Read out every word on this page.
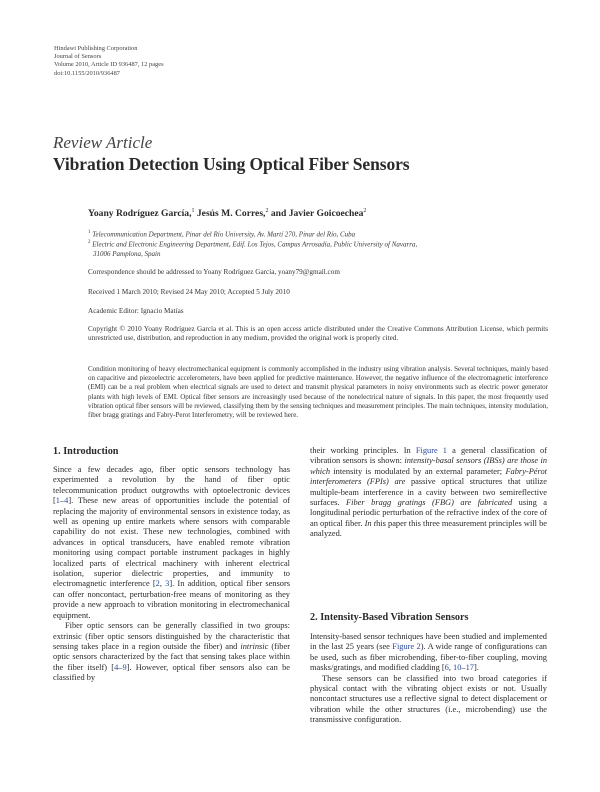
Hindawi Publishing Corporation
Journal of Sensors
Volume 2010, Article ID 936487, 12 pages
doi:10.1155/2010/936487
Review Article
Vibration Detection Using Optical Fiber Sensors
Yoany Rodríguez García,$^1$ Jesús M. Corres,$^2$ and Javier Goicoechea$^2$
$^1$ Telecommunication Department, Pinar del Río University, Av. Martí 270, Pinar del Río, Cuba
$^2$ Electric and Electronic Engineering Department, Edif. Los Tejos, Campus Arrosadía, Public University of Navarra,
31006 Pamplona, Spain
Correspondence should be addressed to Yoany Rodríguez García, yoany79@gmail.com
Received 1 March 2010; Revised 24 May 2010; Accepted 5 July 2010
Academic Editor: Ignacio Matías
Copyright © 2010 Yoany Rodríguez García et al. This is an open access article distributed under the Creative Commons Attribution License, which permits unrestricted use, distribution, and reproduction in any medium, provided the original work is properly cited.
Condition monitoring of heavy electromechanical equipment is commonly accomplished in the industry using vibration analysis. Several techniques, mainly based on capacitive and piezoelectric accelerometers, have been applied for predictive maintenance. However, the negative influence of the electromagnetic interference (EMI) can be a real problem when electrical signals are used to detect and transmit physical parameters in noisy environments such as electric power generator plants with high levels of EMI. Optical fiber sensors are increasingly used because of the nonelectrical nature of signals. In this paper, the most frequently used vibration optical fiber sensors will be reviewed, classifying them by the sensing techniques and measurement principles. The main techniques, intensity modulation, fiber bragg gratings and Fabry-Perot Interferometry, will be reviewed here.
1. Introduction

Since a few decades ago, fiber optic sensors technology has experimented a revolution by the hand of fiber optic telecommunication product outgrowths with optoelectronic devices [1–4]. These new areas of opportunities include the potential of replacing the majority of environmental sensors in existence today, as well as opening up entire markets where sensors with comparable capability do not exist. These new technologies, combined with advances in optical transducers, have enabled remote vibration monitoring using compact portable instrument packages in highly localized parts of electrical machinery with inherent electrical isolation, superior dielectric properties, and immunity to electromagnetic interference [2, 3]. In addition, optical fiber sensors can offer noncontact, perturbation-free means of monitoring as they provide a new approach to vibration monitoring in electromechanical equipment.

Fiber optic sensors can be generally classified in two groups: extrinsic (fiber optic sensors distinguished by the characteristic that sensing takes place in a region outside the fiber) and intrinsic (fiber optic sensors characterized by the fact that sensing takes place within the fiber itself) [4–9]. However, optical fiber sensors also can be classified by

their working principles. In Figure 1 a general classification of vibration sensors is shown: intensity-basal sensors (IBSs) are those in which intensity is modulated by an external parameter; Fabry-Pérot interferometers (FPIs) are passive optical structures that utilize multiple-beam interference in a cavity between two semireflective surfaces. Fiber bragg gratings (FBG) are fabricated using a longitudinal periodic perturbation of the refractive index of the core of an optical fiber. In this paper this three measurement principles will be analyzed.

2. Intensity-Based Vibration Sensors

Intensity-based sensor techniques have been studied and implemented in the last 25 years (see Figure 2). A wide range of configurations can be used, such as fiber microbending, fiber-to-fiber coupling, moving masks/gratings, and modified cladding [6, 10–17].

These sensors can be classified into two broad categories if physical contact with the vibrating object exists or not. Usually noncontact structures use a reflective signal to detect displacement or vibration while the other structures (i.e., microbending) use the transmissive configuration.
